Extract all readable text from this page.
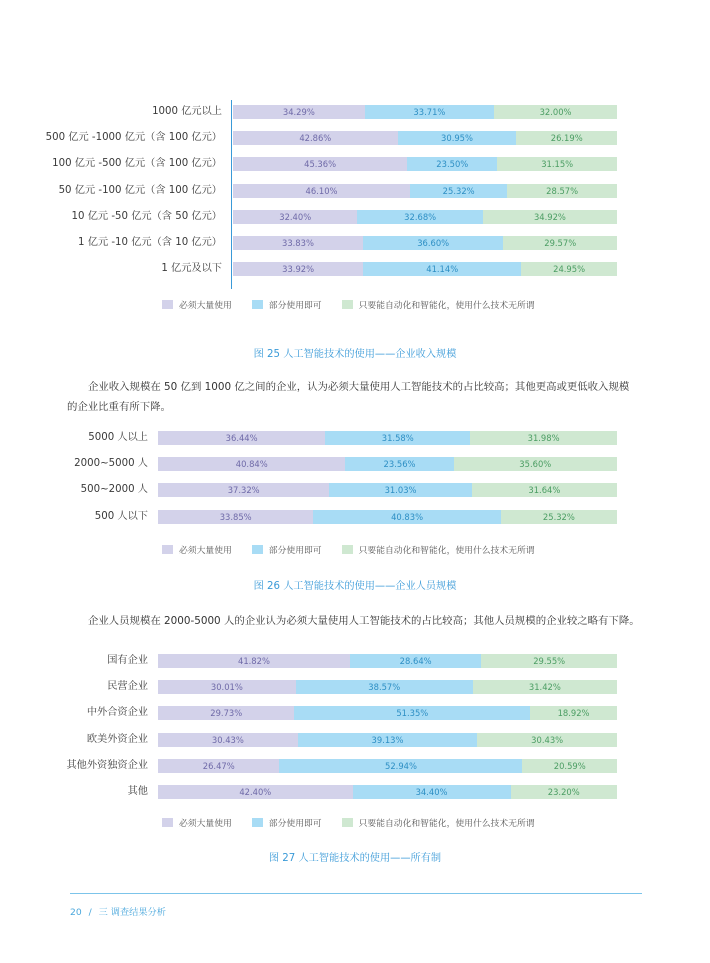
1000 亿元以上	34.29%	33.71%	32.00%
500 亿元 -1000 亿元（含 100 亿元）	42.86%	30.95%	26.19%
100 亿元 -500 亿元（含 100 亿元）	45.36%	23.50%	31.15%
50 亿元 -100 亿元（含 100 亿元）	46.10%	25.32%	28.57%
10 亿元 -50 亿元（含 50 亿元）	32.40%	32.68%	34.92%
1 亿元 -10 亿元（含 10 亿元）	33.83%	36.60%	29.57%
1 亿元及以下	33.92%	41.14%	24.95%
必须大量使用	部分使用即可	只要能自动化和智能化，使用什么技术无所谓
图 25 人工智能技术的使用——企业收入规模
企业收入规模在 50 亿到 1000 亿之间的企业，认为必须大量使用人工智能技术的占比较高；其他更高或更低收入规模
的企业比重有所下降。
5000 人以上	36.44%	31.58%	31.98%
2000~5000 人	40.84%	23.56%	35.60%
500~2000 人	37.32%	31.03%	31.64%
500 人以下	33.85%	40.83%	25.32%
必须大量使用	部分使用即可	只要能自动化和智能化，使用什么技术无所谓
图 26 人工智能技术的使用——企业人员规模
企业人员规模在 2000-5000 人的企业认为必须大量使用人工智能技术的占比较高；其他人员规模的企业较之略有下降。
国有企业	41.82%	28.64%	29.55%
民营企业	30.01%	38.57%	31.42%
中外合资企业	29.73%	51.35%	18.92%
欧美外资企业	30.43%	39.13%	30.43%
其他外资独资企业	26.47%	52.94%	20.59%
其他	42.40%	34.40%	23.20%
必须大量使用	部分使用即可	只要能自动化和智能化，使用什么技术无所谓
图 27 人工智能技术的使用——所有制
20 / 三 调查结果分析
